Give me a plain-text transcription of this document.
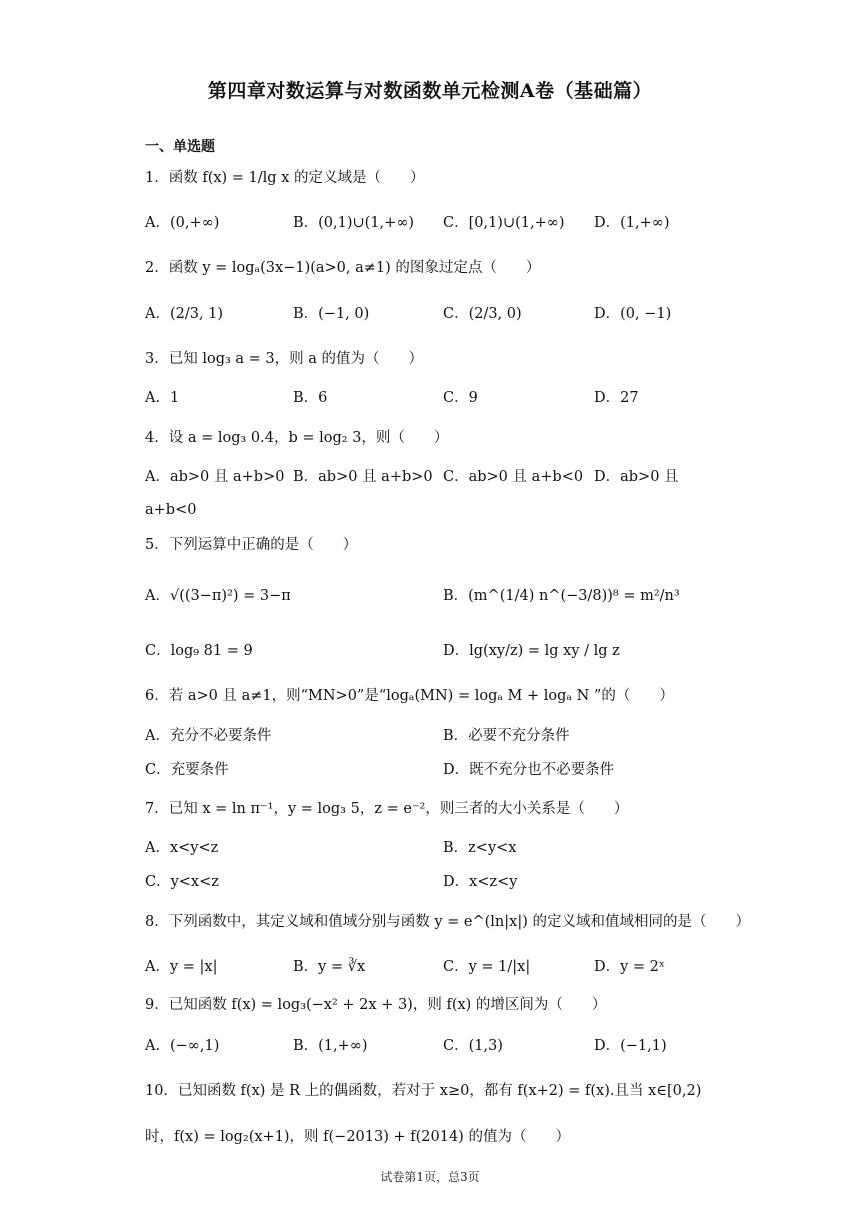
第四章对数运算与对数函数单元检测A卷（基础篇）
一、单选题
1．函数 f(x) = 1/lg x 的定义域是（　　）
A．(0,+∞)	B．(0,1)∪(1,+∞) C．[0,1)∪(1,+∞) D．(1,+∞)
2．函数 y = logₐ(3x−1)(a>0, a≠1) 的图象过定点（　　）
A．(2/3, 1)	B．(−1, 0)	C．(2/3, 0)	D．(0, −1)
3．已知 log₃ a = 3，则 a 的值为（　　）
A．1	B．6	C．9	D．27
4．设 a = log₃ 0.4，b = log₂ 3，则（　　）
A．ab>0 且 a+b>0 B．ab>0 且 a+b>0 C．ab>0 且 a+b<0 D．ab>0 且
a+b<0
5．下列运算中正确的是（　　）
A．√((3−π)²) = 3−π	B．(m^(1/4) n^(−3/8))⁸ = m²/n³
C．log₉ 81 = 9	D．lg(xy/z) = lg xy / lg z
6．若 a>0 且 a≠1，则“MN>0”是“logₐ(MN) = logₐ M + logₐ N ”的（　　）
A．充分不必要条件	B．必要不充分条件
C．充要条件	D．既不充分也不必要条件
7．已知 x = ln π⁻¹，y = log₃ 5，z = e⁻²，则三者的大小关系是（　　）
A．x<y<z	B．z<y<x
C．y<x<z	D．x<z<y
8．下列函数中，其定义域和值域分别与函数 y = e^(ln|x|) 的定义域和值域相同的是（　　）
A．y = |x|	B．y = ∛x	C．y = 1/|x|	D．y = 2ˣ
9．已知函数 f(x) = log₃(−x² + 2x + 3)，则 f(x) 的增区间为（　　）
A．(−∞,1)	B．(1,+∞)	C．(1,3)	D．(−1,1)
10．已知函数 f(x) 是 R 上的偶函数，若对于 x≥0，都有 f(x+2) = f(x).且当 x∈[0,2)
时，f(x) = log₂(x+1)，则 f(−2013) + f(2014) 的值为（　　）
试卷第1页，总3页
